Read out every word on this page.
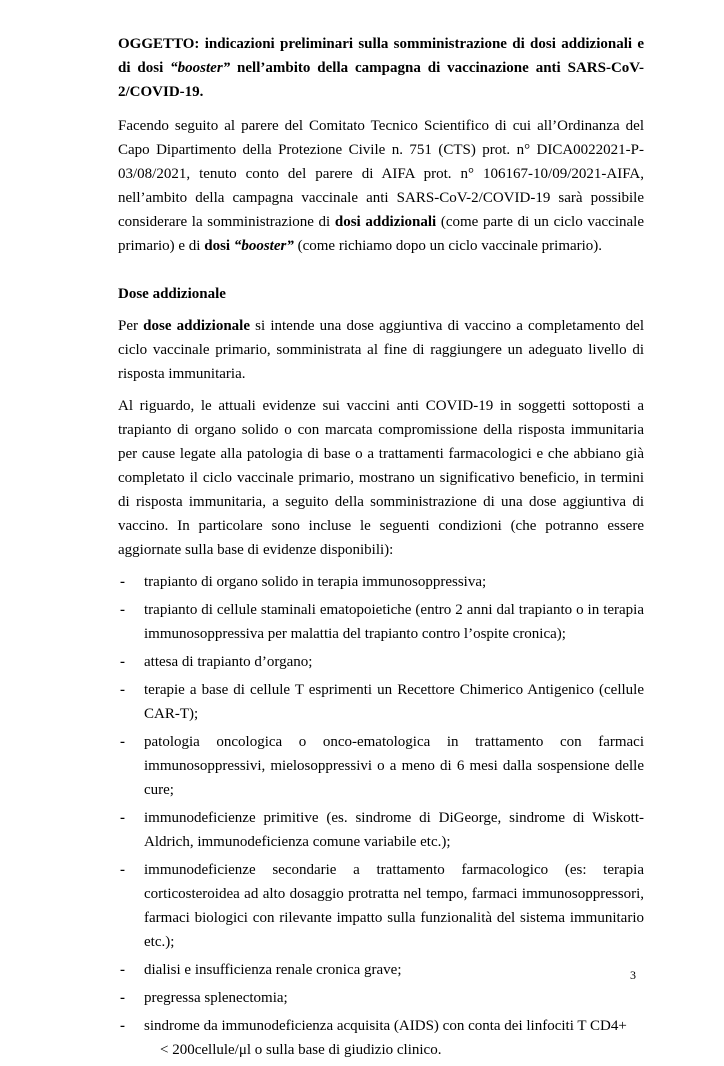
OGGETTO: indicazioni preliminari sulla somministrazione di dosi addizionali e di dosi “booster” nell’ambito della campagna di vaccinazione anti SARS-CoV-2/COVID-19.

Facendo seguito al parere del Comitato Tecnico Scientifico di cui all’Ordinanza del Capo Dipartimento della Protezione Civile n. 751 (CTS) prot. n° DICA0022021-P-03/08/2021, tenuto conto del parere di AIFA prot. n° 106167-10/09/2021-AIFA, nell’ambito della campagna vaccinale anti SARS-CoV-2/COVID-19 sarà possibile considerare la somministrazione di dosi addizionali (come parte di un ciclo vaccinale primario) e di dosi “booster” (come richiamo dopo un ciclo vaccinale primario).

Dose addizionale

Per dose addizionale si intende una dose aggiuntiva di vaccino a completamento del ciclo vaccinale primario, somministrata al fine di raggiungere un adeguato livello di risposta immunitaria.

Al riguardo, le attuali evidenze sui vaccini anti COVID-19 in soggetti sottoposti a trapianto di organo solido o con marcata compromissione della risposta immunitaria per cause legate alla patologia di base o a trattamenti farmacologici e che abbiano già completato il ciclo vaccinale primario, mostrano un significativo beneficio, in termini di risposta immunitaria, a seguito della somministrazione di una dose aggiuntiva di vaccino. In particolare sono incluse le seguenti condizioni (che potranno essere aggiornate sulla base di evidenze disponibili):

- trapianto di organo solido in terapia immunosoppressiva;
- trapianto di cellule staminali ematopoietiche (entro 2 anni dal trapianto o in terapia immunosoppressiva per malattia del trapianto contro l’ospite cronica);
- attesa di trapianto d’organo;
- terapie a base di cellule T esprimenti un Recettore Chimerico Antigenico (cellule CAR-T);
- patologia oncologica o onco-ematologica in trattamento con farmaci immunosoppressivi, mielosoppressivi o a meno di 6 mesi dalla sospensione delle cure;
- immunodeficienze primitive (es. sindrome di DiGeorge, sindrome di Wiskott-Aldrich, immunodeficienza comune variabile etc.);
- immunodeficienze secondarie a trattamento farmacologico (es: terapia corticosteroidea ad alto dosaggio protratta nel tempo, farmaci immunosoppressori, farmaci biologici con rilevante impatto sulla funzionalità del sistema immunitario etc.);
- dialisi e insufficienza renale cronica grave;
- pregressa splenectomia;
- sindrome da immunodeficienza acquisita (AIDS) con conta dei linfociti T CD4+
< 200cellule/μl o sulla base di giudizio clinico.
3
